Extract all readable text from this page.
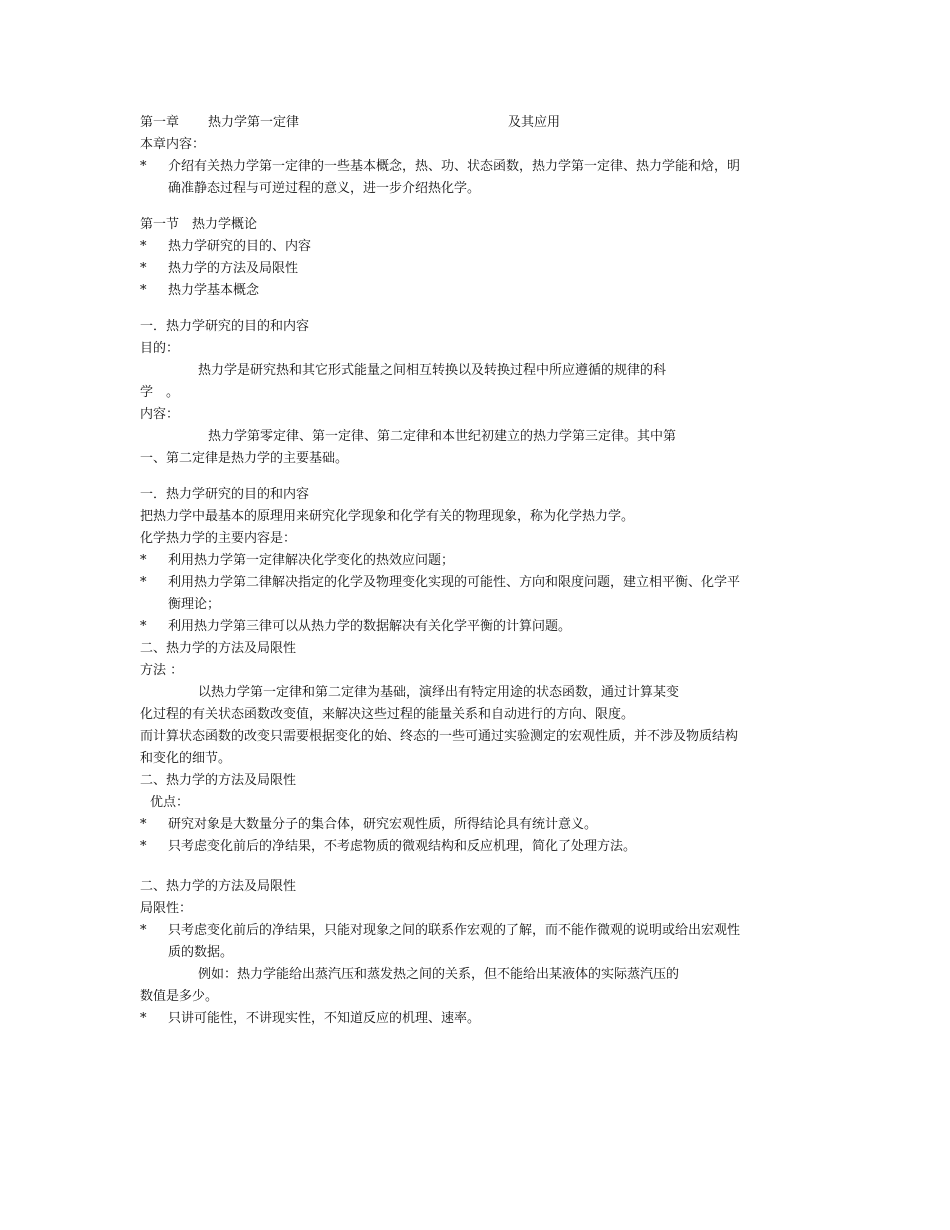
第一章	热力学第一定律	及其应用
本章内容：
*	介绍有关热力学第一定律的一些基本概念，热、功、状态函数，热力学第一定律、热力学能和焓，明确准静态过程与可逆过程的意义，进一步介绍热化学。
第一节　热力学概论
*	热力学研究的目的、内容
*	热力学的方法及局限性
*	热力学基本概念
一．热力学研究的目的和内容
目的：
热力学是研究热和其它形式能量之间相互转换以及转换过程中所应遵循的规律的科
学　。
内容：
热力学第零定律、第一定律、第二定律和本世纪初建立的热力学第三定律。其中第
一、第二定律是热力学的主要基础。
一．热力学研究的目的和内容
把热力学中最基本的原理用来研究化学现象和化学有关的物理现象，称为化学热力学。
化学热力学的主要内容是：
*	利用热力学第一定律解决化学变化的热效应问题；
*	利用热力学第二律解决指定的化学及物理变化实现的可能性、方向和限度问题，建立相平衡、化学平衡理论；
*	利用热力学第三律可以从热力学的数据解决有关化学平衡的计算问题。
二、热力学的方法及局限性
方法 ：
以热力学第一定律和第二定律为基础，演绎出有特定用途的状态函数，通过计算某变
化过程的有关状态函数改变值，来解决这些过程的能量关系和自动进行的方向、限度。
而计算状态函数的改变只需要根据变化的始、终态的一些可通过实验测定的宏观性质，并不涉及物质结构和变化的细节。
二、热力学的方法及局限性
优点：
*	研究对象是大数量分子的集合体，研究宏观性质，所得结论具有统计意义。
*	只考虑变化前后的净结果，不考虑物质的微观结构和反应机理，简化了处理方法。
二、热力学的方法及局限性
局限性：
*	只考虑变化前后的净结果，只能对现象之间的联系作宏观的了解，而不能作微观的说明或给出宏观性质的数据。
例如：热力学能给出蒸汽压和蒸发热之间的关系，但不能给出某液体的实际蒸汽压的
数值是多少。
*	只讲可能性，不讲现实性，不知道反应的机理、速率。
